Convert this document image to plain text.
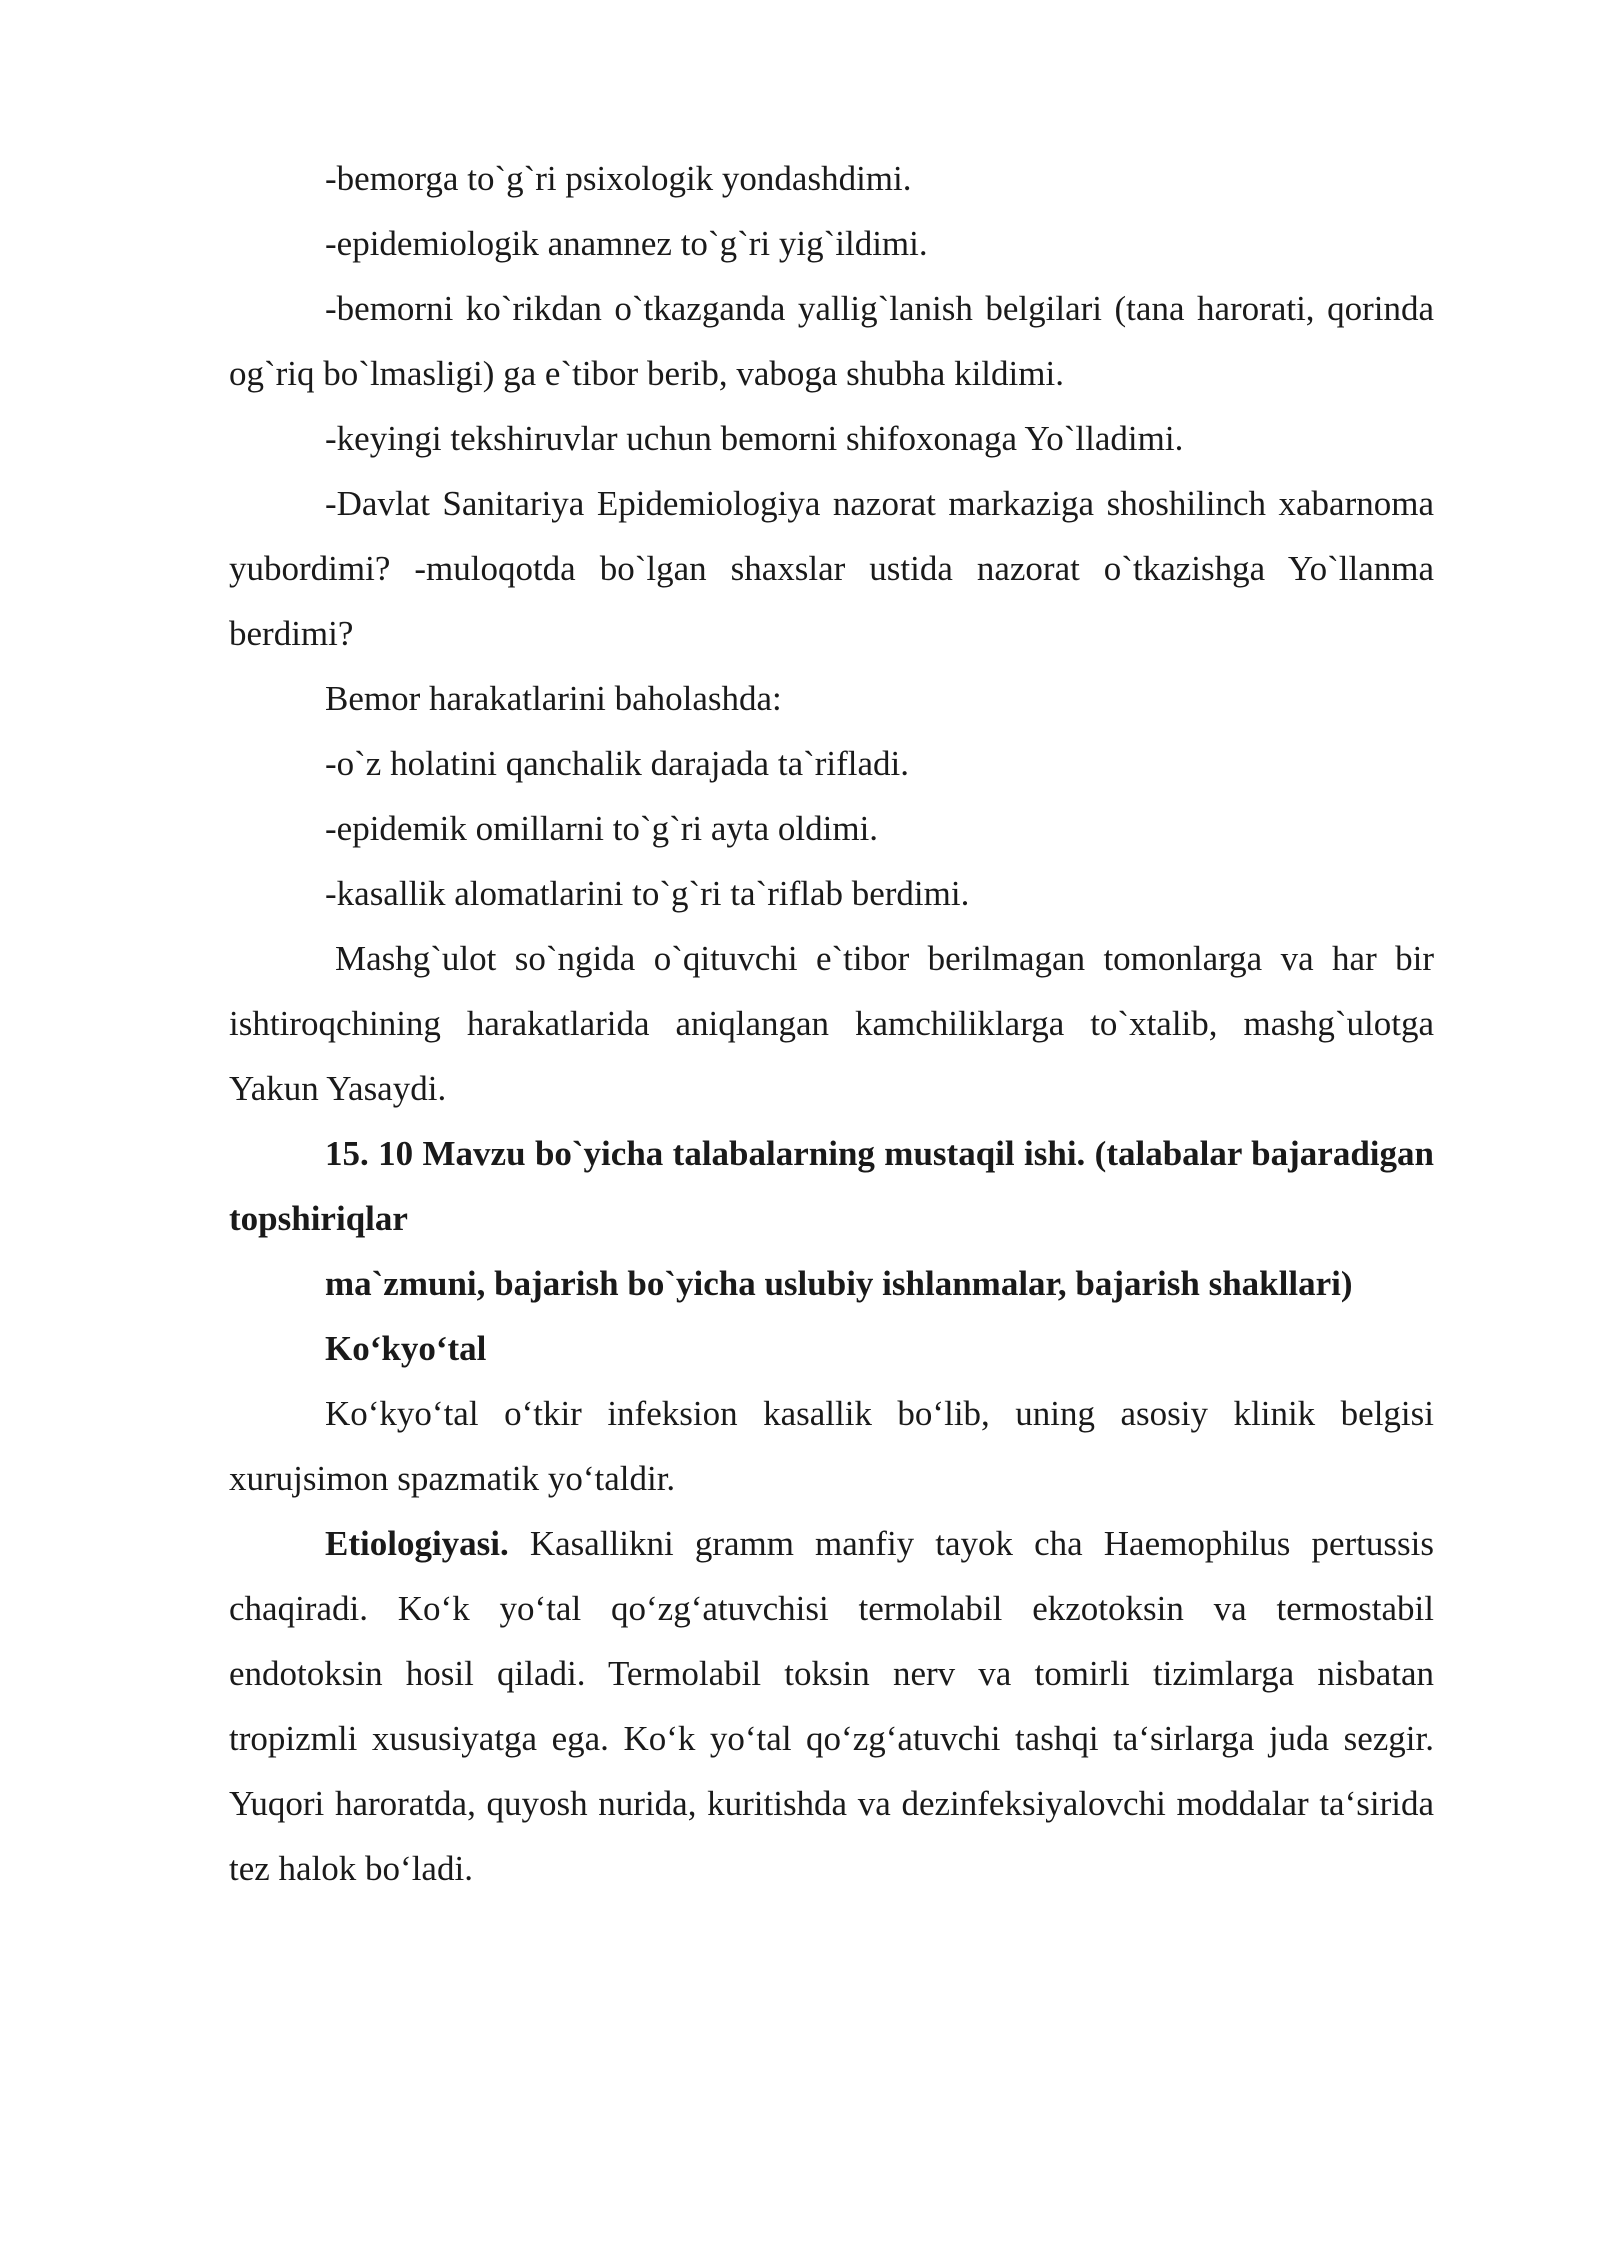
-bemorga to`g`ri psixologik yondashdimi.

-epidemiologik anamnez to`g`ri yig`ildimi.

-bemorni ko`rikdan o`tkazganda yallig`lanish belgilari (tana harorati, qorinda og`riq bo`lmasligi) ga e`tibor berib, vaboga shubha kildimi.

-keyingi tekshiruvlar uchun bemorni shifoxonaga Yo`lladimi.

-Davlat Sanitariya Epidemiologiya nazorat markaziga shoshilinch xabarnoma yubordimi? -muloqotda bo`lgan shaxslar ustida nazorat o`tkazishga Yo`llanma berdimi?

Bemor harakatlarini baholashda:

-o`z holatini qanchalik darajada ta`rifladi.

-epidemik omillarni to`g`ri ayta oldimi.

-kasallik alomatlarini to`g`ri ta`riflab berdimi.

Mashg`ulot so`ngida o`qituvchi e`tibor berilmagan tomonlarga va har bir ishtiroqchining harakatlarida aniqlangan kamchiliklarga to`xtalib, mashg`ulotga Yakun Yasaydi.

15. 10 Mavzu bo`yicha talabalarning mustaqil ishi. (talabalar bajaradigan topshiriqlar

ma`zmuni, bajarish bo`yicha uslubiy ishlanmalar, bajarish shakllari)

Ko‘kyo‘tal

Ko‘kyo‘tal o‘tkir infeksion kasallik bo‘lib, uning asosiy klinik belgisi xurujsimon spazmatik yo‘taldir.

Etiologiyasi. Kasallikni gramm manfiy tayok cha Haemophilus pertussis chaqiradi. Ko‘k yo‘tal qo‘zg‘atuvchisi termolabil ekzotoksin va termostabil endotoksin hosil qiladi. Termolabil toksin nerv va tomirli tizimlarga nisbatan tropizmli xususiyatga ega. Ko‘k yo‘tal qo‘zg‘atuvchi tashqi ta‘sirlarga juda sezgir. Yuqori haroratda, quyosh nurida, kuritishda va dezinfeksiyalovchi moddalar ta‘sirida tez halok bo‘ladi.
